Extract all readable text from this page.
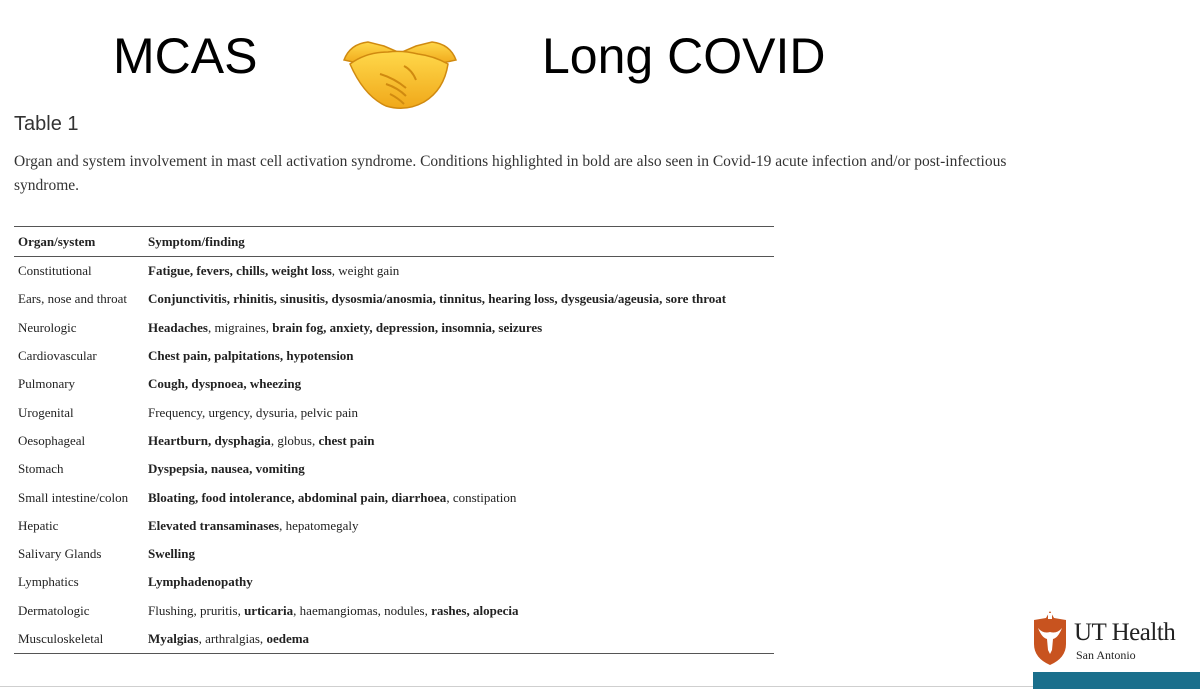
MCAS	Long COVID
Table 1
Organ and system involvement in mast cell activation syndrome. Conditions highlighted in bold are also seen in Covid-19 acute infection and/or post-infectious syndrome.
Organ/system	Symptom/finding
Constitutional	Fatigue, fevers, chills, weight loss, weight gain
Ears, nose and throat	Conjunctivitis, rhinitis, sinusitis, dysosmia/anosmia, tinnitus, hearing loss, dysgeusia/ageusia, sore throat
Neurologic	Headaches, migraines, brain fog, anxiety, depression, insomnia, seizures
Cardiovascular	Chest pain, palpitations, hypotension
Pulmonary	Cough, dyspnoea, wheezing
Urogenital	Frequency, urgency, dysuria, pelvic pain
Oesophageal	Heartburn, dysphagia, globus, chest pain
Stomach	Dyspepsia, nausea, vomiting
Small intestine/colon	Bloating, food intolerance, abdominal pain, diarrhoea, constipation
Hepatic	Elevated transaminases, hepatomegaly
Salivary Glands	Swelling
Lymphatics	Lymphadenopathy
Dermatologic	Flushing, pruritis, urticaria, haemangiomas, nodules, rashes, alopecia
Musculoskeletal	Myalgias, arthralgias, oedema	UT Health
San Antonio
